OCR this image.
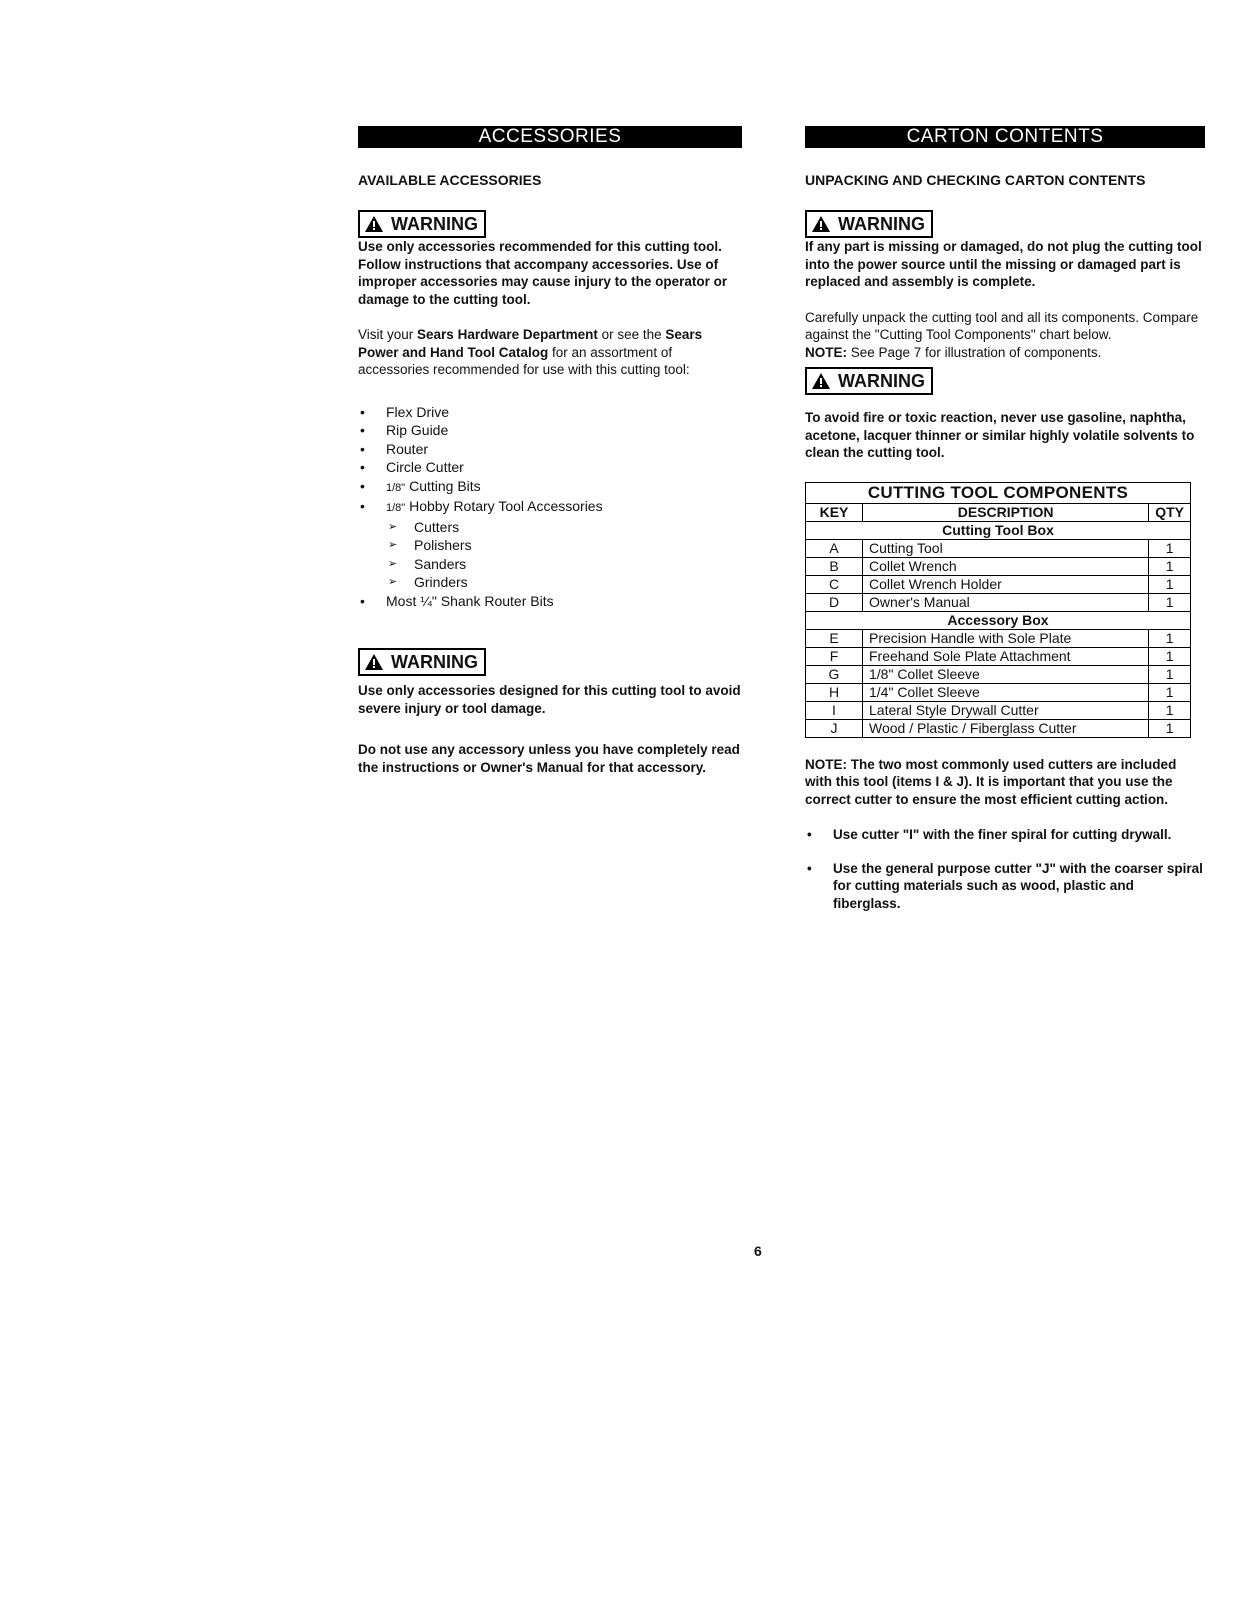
ACCESSORIES
AVAILABLE ACCESSORIES
WARNING

Use only accessories recommended for this cutting tool. Follow instructions that accompany accessories. Use of improper accessories may cause injury to the operator or damage to the cutting tool.

Visit your Sears Hardware Department or see the Sears Power and Hand Tool Catalog for an assortment of accessories recommended for use with this cutting tool:

• Flex Drive
• Rip Guide
• Router
• Circle Cutter
• 1/8" Cutting Bits
• 1/8" Hobby Rotary Tool Accessories
➢ Cutters
➢ Polishers
➢ Sanders
➢ Grinders
• Most ¼" Shank Router Bits
WARNING

Use only accessories designed for this cutting tool to avoid severe injury or tool damage.

Do not use any accessory unless you have completely read the instructions or Owner's Manual for that accessory.

CARTON CONTENTS
UNPACKING AND CHECKING CARTON CONTENTS
WARNING

If any part is missing or damaged, do not plug the cutting tool into the power source until the missing or damaged part is replaced and assembly is complete.

Carefully unpack the cutting tool and all its components. Compare against the "Cutting Tool Components" chart below.

NOTE: See Page 7 for illustration of components.

WARNING

To avoid fire or toxic reaction, never use gasoline, naphtha, acetone, lacquer thinner or similar highly volatile solvents to clean the cutting tool.

CUTTING TOOL COMPONENTS		
KEY	DESCRIPTION	QTY
Cutting Tool Box		
A	Cutting Tool	1
B	Collet Wrench	1
C	Collet Wrench Holder	1
D	Owner's Manual	1
Accessory Box		
E	Precision Handle with Sole Plate	1
F	Freehand Sole Plate Attachment	1
G	1/8" Collet Sleeve	1
H	1/4" Collet Sleeve	1
I	Lateral Style Drywall Cutter	1
J	Wood / Plastic / Fiberglass Cutter	1

NOTE: The two most commonly used cutters are included with this tool (items I & J). It is important that you use the correct cutter to ensure the most efficient cutting action.

• Use cutter "I" with the finer spiral for cutting drywall.
• Use the general purpose cutter "J" with the coarser spiral for cutting materials such as wood, plastic and fiberglass.
6
